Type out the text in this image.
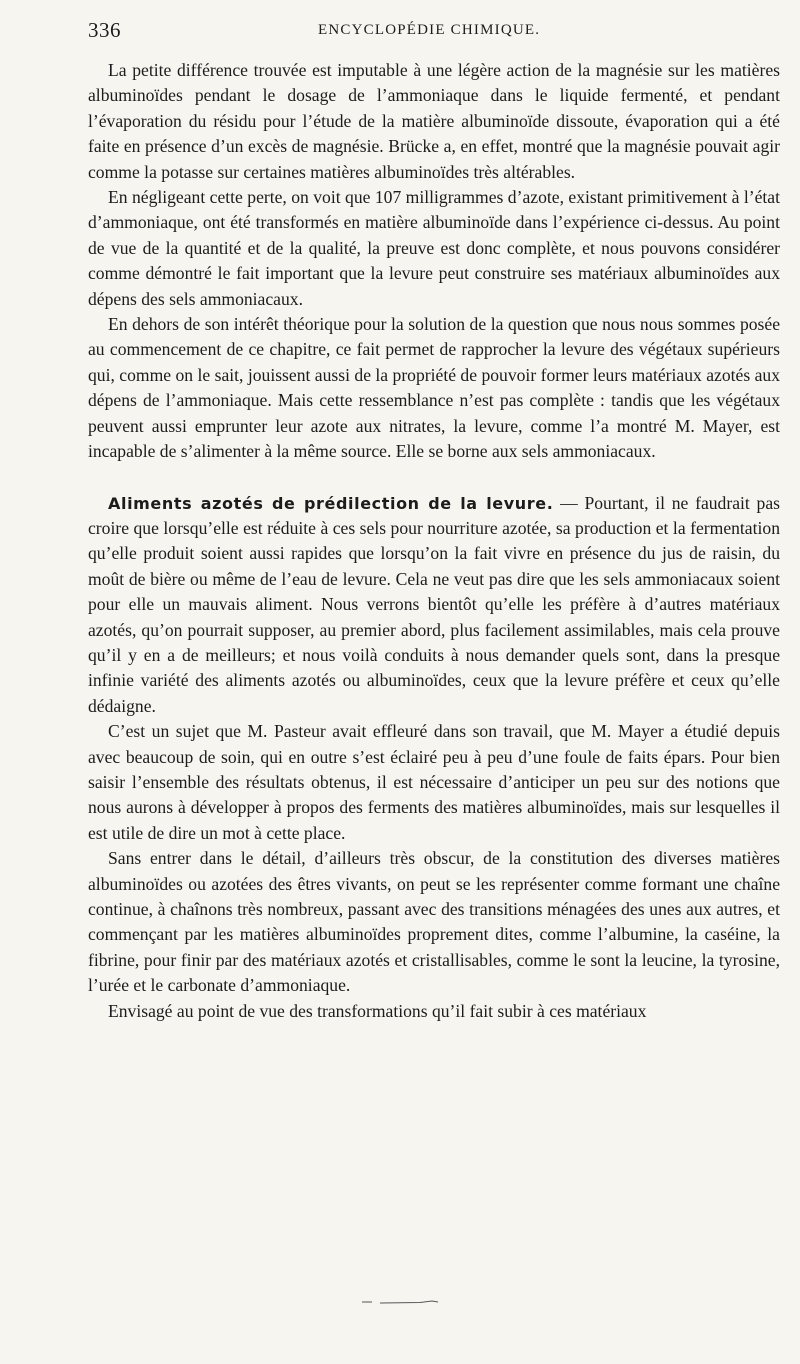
336	ENCYCLOPÉDIE CHIMIQUE.

La petite différence trouvée est imputable à une légère action de la magnésie sur les matières albuminoïdes pendant le dosage de l’ammoniaque dans le liquide fermenté, et pendant l’évaporation du résidu pour l’étude de la matière albuminoïde dissoute, évaporation qui a été faite en présence d’un excès de magnésie. Brücke a, en effet, montré que la magnésie pouvait agir comme la potasse sur certaines matières albuminoïdes très altérables.

En négligeant cette perte, on voit que 107 milligrammes d’azote, existant primitivement à l’état d’ammoniaque, ont été transformés en matière albuminoïde dans l’expérience ci-dessus. Au point de vue de la quantité et de la qualité, la preuve est donc complète, et nous pouvons considérer comme démontré le fait important que la levure peut construire ses matériaux albuminoïdes aux dépens des sels ammoniacaux.

En dehors de son intérêt théorique pour la solution de la question que nous nous sommes posée au commencement de ce chapitre, ce fait permet de rapprocher la levure des végétaux supérieurs qui, comme on le sait, jouissent aussi de la propriété de pouvoir former leurs matériaux azotés aux dépens de l’ammoniaque. Mais cette ressemblance n’est pas complète : tandis que les végétaux peuvent aussi emprunter leur azote aux nitrates, la levure, comme l’a montré M. Mayer, est incapable de s’alimenter à la même source. Elle se borne aux sels ammoniacaux.

Aliments azotés de prédilection de la levure. — Pourtant, il ne faudrait pas croire que lorsqu’elle est réduite à ces sels pour nourriture azotée, sa production et la fermentation qu’elle produit soient aussi rapides que lorsqu’on la fait vivre en présence du jus de raisin, du moût de bière ou même de l’eau de levure. Cela ne veut pas dire que les sels ammoniacaux soient pour elle un mauvais aliment. Nous verrons bientôt qu’elle les préfère à d’autres matériaux azotés, qu’on pourrait supposer, au premier abord, plus facilement assimilables, mais cela prouve qu’il y en a de meilleurs; et nous voilà conduits à nous demander quels sont, dans la presque infinie variété des aliments azotés ou albuminoïdes, ceux que la levure préfère et ceux qu’elle dédaigne.

C’est un sujet que M. Pasteur avait effleuré dans son travail, que M. Mayer a étudié depuis avec beaucoup de soin, qui en outre s’est éclairé peu à peu d’une foule de faits épars. Pour bien saisir l’ensemble des résultats obtenus, il est nécessaire d’anticiper un peu sur des notions que nous aurons à développer à propos des ferments des matières albuminoïdes, mais sur lesquelles il est utile de dire un mot à cette place.

Sans entrer dans le détail, d’ailleurs très obscur, de la constitution des diverses matières albuminoïdes ou azotées des êtres vivants, on peut se les représenter comme formant une chaîne continue, à chaînons très nombreux, passant avec des transitions ménagées des unes aux autres, et commençant par les matières albuminoïdes proprement dites, comme l’albumine, la caséine, la fibrine, pour finir par des matériaux azotés et cristallisables, comme le sont la leucine, la tyrosine, l’urée et le carbonate d’ammoniaque.

Envisagé au point de vue des transformations qu’il fait subir à ces matériaux
